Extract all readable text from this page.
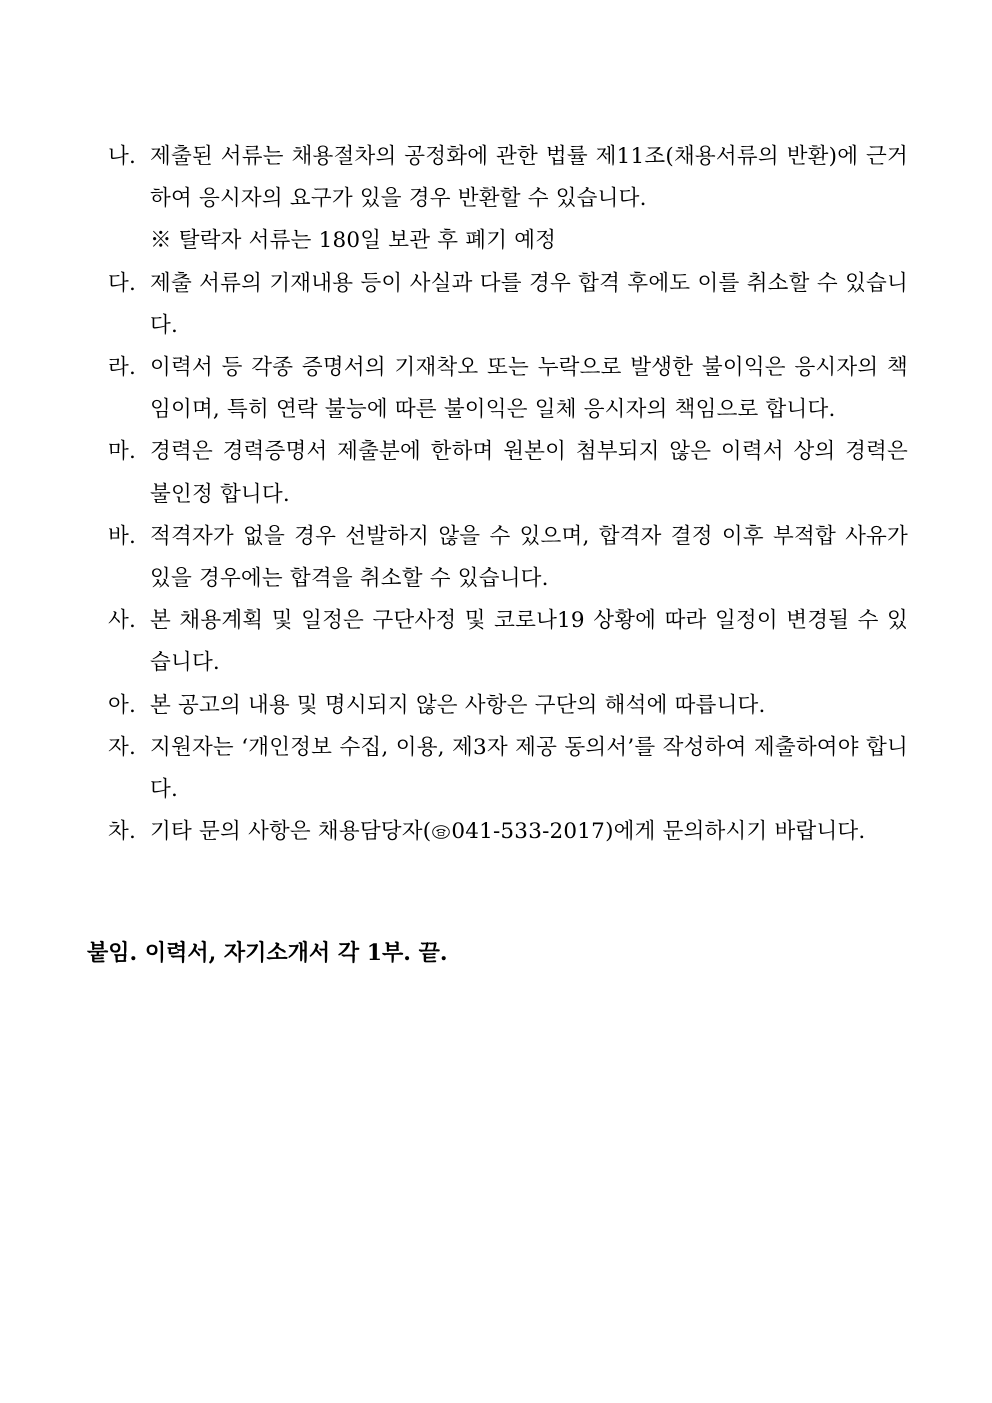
나. 제출된 서류는 채용절차의 공정화에 관한 법률 제11조(채용서류의 반환)에 근거하여 응시자의 요구가 있을 경우 반환할 수 있습니다.
※ 탈락자 서류는 180일 보관 후 폐기 예정
다. 제출 서류의 기재내용 등이 사실과 다를 경우 합격 후에도 이를 취소할 수 있습니다.
라. 이력서 등 각종 증명서의 기재착오 또는 누락으로 발생한 불이익은 응시자의 책임이며, 특히 연락 불능에 따른 불이익은 일체 응시자의 책임으로 합니다.
마. 경력은 경력증명서 제출분에 한하며 원본이 첨부되지 않은 이력서 상의 경력은 불인정 합니다.
바. 적격자가 없을 경우 선발하지 않을 수 있으며, 합격자 결정 이후 부적합 사유가 있을 경우에는 합격을 취소할 수 있습니다.
사. 본 채용계획 및 일정은 구단사정 및 코로나19 상황에 따라 일정이 변경될 수 있습니다.
아. 본 공고의 내용 및 명시되지 않은 사항은 구단의 해석에 따릅니다.
자. 지원자는 ‘개인정보 수집, 이용, 제3자 제공 동의서’를 작성하여 제출하여야 합니다.
차. 기타 문의 사항은 채용담당자( 041-533-2017)에게 문의하시기 바랍니다.
붙임. 이력서, 자기소개서 각 1부. 끝.
